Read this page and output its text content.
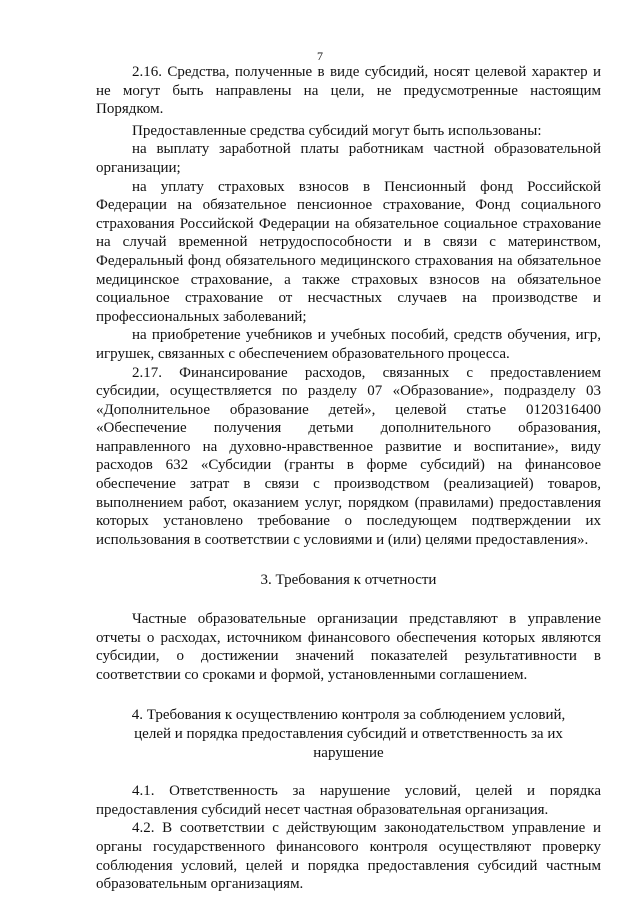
7

2.16. Средства, полученные в виде субсидий, носят целевой характер и не могут быть направлены на цели, не предусмотренные настоящим Порядком.

Предоставленные средства субсидий могут быть использованы:

на выплату заработной платы работникам частной образовательной организации;

на уплату страховых взносов в Пенсионный фонд Российской Федерации на обязательное пенсионное страхование, Фонд социального страхования Российской Федерации на обязательное социальное страхование на случай временной нетрудоспособности и в связи с материнством, Федеральный фонд обязательного медицинского страхования на обязательное медицинское страхование, а также страховых взносов на обязательное социальное страхование от несчастных случаев на производстве и профессиональных заболеваний;

на приобретение учебников и учебных пособий, средств обучения, игр, игрушек, связанных с обеспечением образовательного процесса.

2.17. Финансирование расходов, связанных с предоставлением субсидии, осуществляется по разделу 07 «Образование», подразделу 03 «Дополнительное образование детей», целевой статье 0120316400 «Обеспечение получения детьми дополнительного образования, направленного на духовно-нравственное развитие и воспитание», виду расходов 632 «Субсидии (гранты в форме субсидий) на финансовое обеспечение затрат в связи с производством (реализацией) товаров, выполнением работ, оказанием услуг, порядком (правилами) предоставления которых установлено требование о последующем подтверждении их использования в соответствии с условиями и (или) целями предоставления».

3. Требования к отчетности

Частные образовательные организации представляют в управление отчеты о расходах, источником финансового обеспечения которых являются субсидии, о достижении значений показателей результативности в соответствии со сроками и формой, установленными соглашением.

4. Требования к осуществлению контроля за соблюдением условий, целей и порядка предоставления субсидий и ответственность за их нарушение

4.1. Ответственность за нарушение условий, целей и порядка предоставления субсидий несет частная образовательная организация.

4.2. В соответствии с действующим законодательством управление и органы государственного финансового контроля осуществляют проверку соблюдения условий, целей и порядка предоставления субсидий частным образовательным организациям.
